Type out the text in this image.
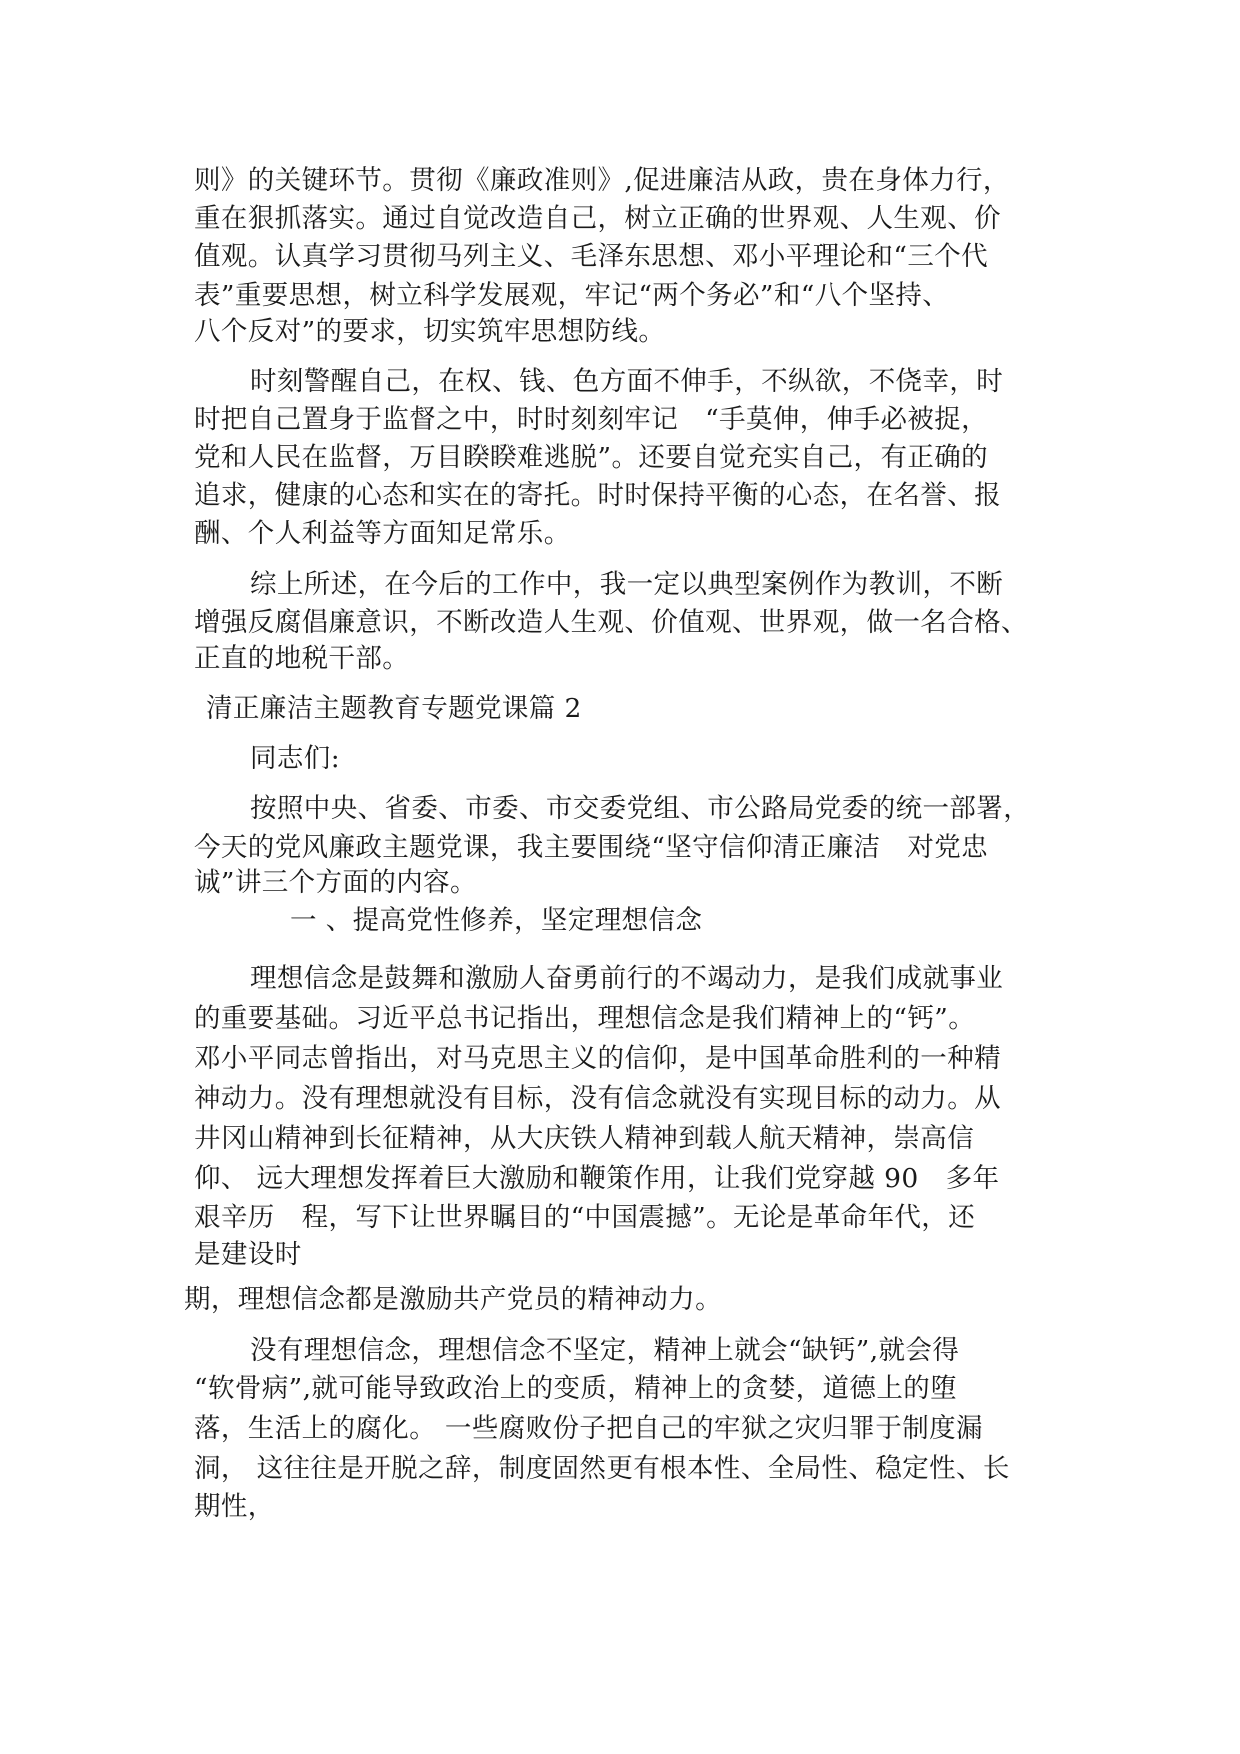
则》的关键环节。贯彻《廉政准则》,促进廉洁从政，贵在身体力行，
重在狠抓落实。通过自觉改造自己，树立正确的世界观、人生观、价
值观。认真学习贯彻马列主义、毛泽东思想、邓小平理论和“三个代
表”重要思想，树立科学发展观，牢记“两个务必”和“八个坚持、
八个反对”的要求，切实筑牢思想防线。
时刻警醒自己，在权、钱、色方面不伸手，不纵欲，不侥幸，时
时把自己置身于监督之中，时时刻刻牢记　“手莫伸，伸手必被捉，
党和人民在监督，万目睽睽难逃脱”。还要自觉充实自己，有正确的
追求，健康的心态和实在的寄托。时时保持平衡的心态，在名誉、报
酬、个人利益等方面知足常乐。
综上所述，在今后的工作中，我一定以典型案例作为教训，不断
增强反腐倡廉意识，不断改造人生观、价值观、世界观，做一名合格、
正直的地税干部。
清正廉洁主题教育专题党课篇 2
同志们:
按照中央、省委、市委、市交委党组、市公路局党委的统一部署，
今天的党风廉政主题党课，我主要围绕“坚守信仰清正廉洁　对党忠
诚”讲三个方面的内容。
一 、提高党性修养，坚定理想信念
理想信念是鼓舞和激励人奋勇前行的不竭动力，是我们成就事业
的重要基础。习近平总书记指出，理想信念是我们精神上的“钙”。
邓小平同志曾指出，对马克思主义的信仰，是中国革命胜利的一种精
神动力。没有理想就没有目标，没有信念就没有实现目标的动力。从
井冈山精神到长征精神，从大庆铁人精神到载人航天精神，崇高信
仰、 远大理想发挥着巨大激励和鞭策作用，让我们党穿越 90　多年
艰辛历　程，写下让世界瞩目的“中国震撼”。无论是革命年代，还
是建设时
期，理想信念都是激励共产党员的精神动力。
没有理想信念，理想信念不坚定，精神上就会“缺钙”,就会得
“软骨病”,就可能导致政治上的变质，精神上的贪婪，道德上的堕
落，生活上的腐化。 一些腐败份子把自己的牢狱之灾归罪于制度漏
洞， 这往往是开脱之辞，制度固然更有根本性、全局性、稳定性、长
期性，
